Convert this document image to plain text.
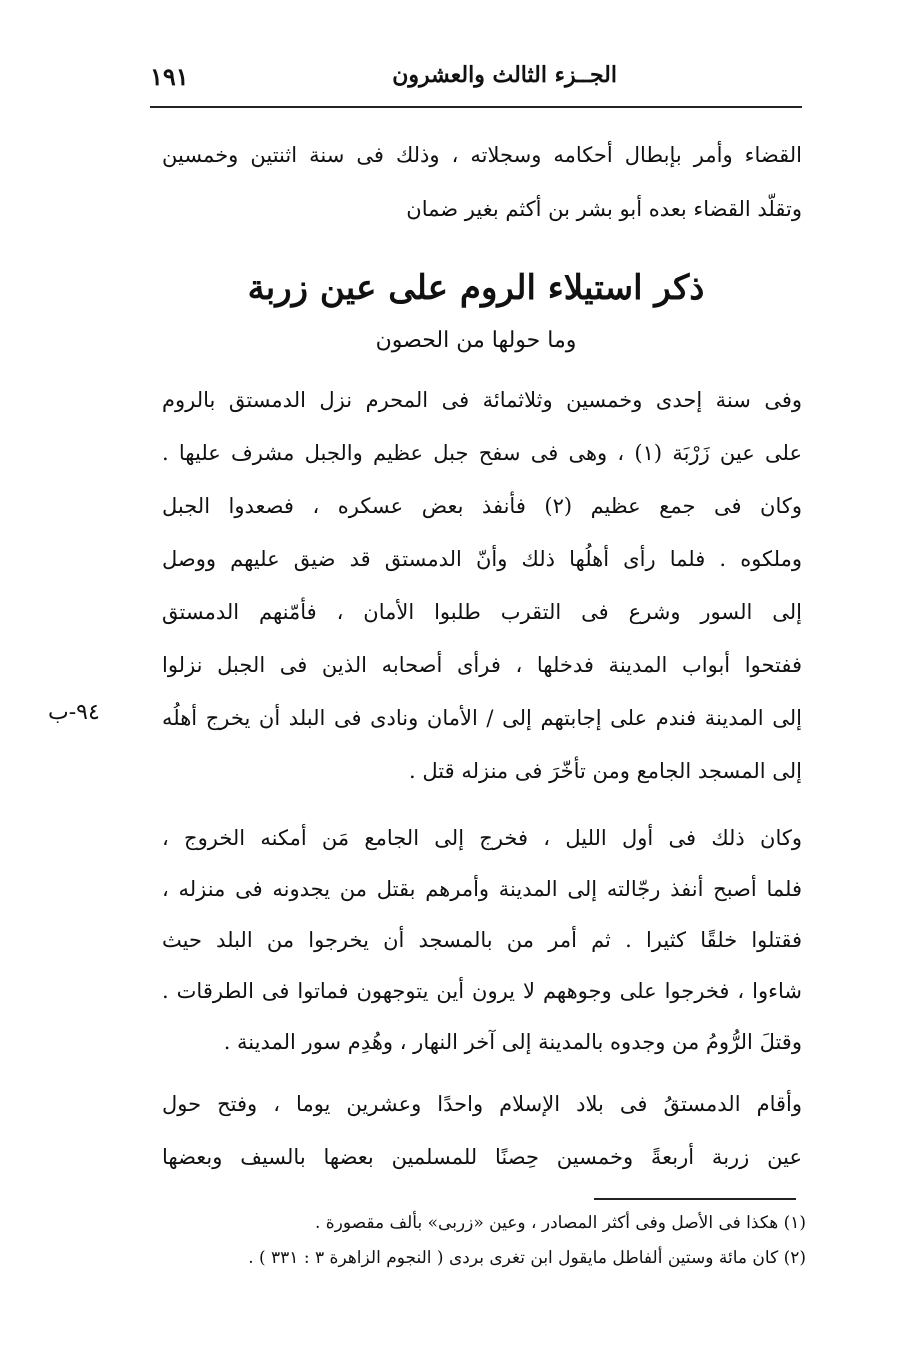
الجــزء الثالث والعشرون
١٩١
القضاء وأمر بإبطال أحكامه وسجلاته ، وذلك فى سنة اثنتين وخمسين
وتقلّد القضاء بعده أبو بشر بن أكثم بغير ضمان
ذكر استيلاء الروم على عين زربة
وما حولها من الحصون
وفى سنة إحدى وخمسين وثلاثمائة فى المحرم نزل الدمستق بالروم
على عين زَرْبَة (١) ، وهى فى سفح جبل عظيم والجبل مشرف عليها .
وكان فى جمع عظيم (٢) فأنفذ بعض عسكره ، فصعدوا الجبل
وملكوه . فلما رأى أهلُها ذلك وأنّ الدمستق قد ضيق عليهم ووصل
إلى السور وشرع فى التقرب طلبوا الأمان ، فأمّنهم الدمستق
ففتحوا أبواب المدينة فدخلها ، فرأى أصحابه الذين فى الجبل نزلوا
إلى المدينة فندم على إجابتهم إلى / الأمان ونادى فى البلد أن يخرج أهلُه
إلى المسجد الجامع ومن تأخّرَ فى منزله قتل .
٩٤-ب
وكان ذلك فى أول الليل ، فخرج إلى الجامع مَن أمكنه الخروج ،
فلما أصبح أنفذ رجّالته إلى المدينة وأمرهم بقتل من يجدونه فى منزله ،
فقتلوا خلقًا كثيرا . ثم أمر من بالمسجد أن يخرجوا من البلد حيث
شاءوا ، فخرجوا على وجوههم لا يرون أين يتوجهون فماتوا فى الطرقات .
وقتلَ الرُّومُ من وجدوه بالمدينة إلى آخر النهار ، وهُدِم سور المدينة .
وأقام الدمستقُ فى بلاد الإسلام واحدًا وعشرين يوما ، وفتح حول
عين زربة أربعةً وخمسين حِصنًا للمسلمين بعضها بالسيف وبعضها
(١) هكذا فى الأصل وفى أكثر المصادر ، وعين «زربى» بألف مقصورة .
(٢) كان مائة وستين ألفاطل مايقول ابن تغرى بردى ( النجوم الزاهرة ٣ : ٣٣١ ) .
